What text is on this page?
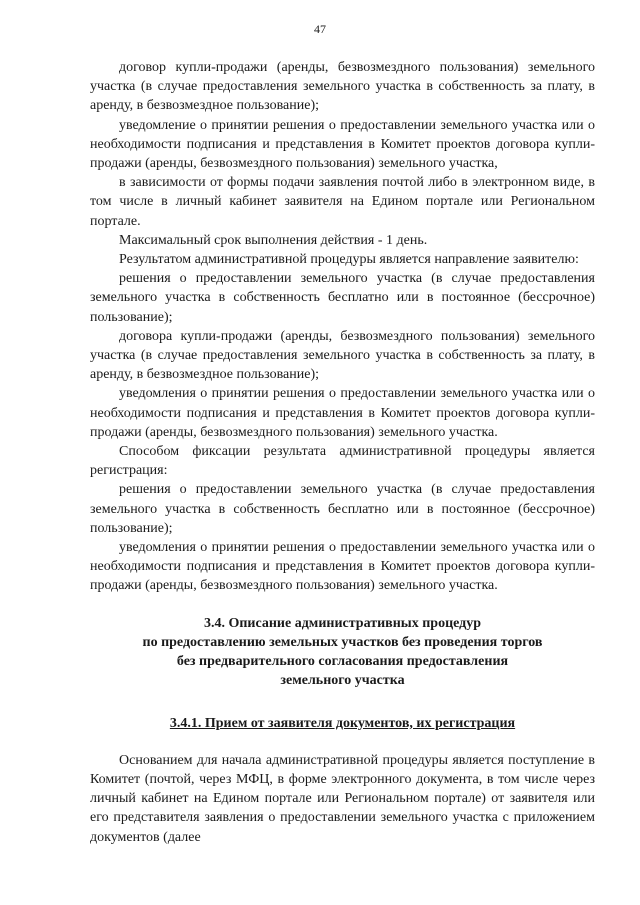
47

договор купли-продажи (аренды, безвозмездного пользования) земельного участка (в случае предоставления земельного участка в собственность за плату, в аренду, в безвозмездное пользование);

уведомление о принятии решения о предоставлении земельного участка или о необходимости подписания и представления в Комитет проектов договора купли-продажи (аренды, безвозмездного пользования) земельного участка,

в зависимости от формы подачи заявления почтой либо в электронном виде, в том числе в личный кабинет заявителя на Едином портале или Региональном портале.

Максимальный срок выполнения действия - 1 день.

Результатом административной процедуры является направление заявителю:

решения о предоставлении земельного участка (в случае предоставления земельного участка в собственность бесплатно или в постоянное (бессрочное) пользование);

договора купли-продажи (аренды, безвозмездного пользования) земельного участка (в случае предоставления земельного участка в собственность за плату, в аренду, в безвозмездное пользование);

уведомления о принятии решения о предоставлении земельного участка или о необходимости подписания и представления в Комитет проектов договора купли-продажи (аренды, безвозмездного пользования) земельного участка.

Способом фиксации результата административной процедуры является регистрация:

решения о предоставлении земельного участка (в случае предоставления земельного участка в собственность бесплатно или в постоянное (бессрочное) пользование);

уведомления о принятии решения о предоставлении земельного участка или о необходимости подписания и представления в Комитет проектов договора купли-продажи (аренды, безвозмездного пользования) земельного участка.

3.4. Описание административных процедур

по предоставлению земельных участков без проведения торгов

без предварительного согласования предоставления

земельного участка

3.4.1. Прием от заявителя документов, их регистрация

Основанием для начала административной процедуры является поступление в Комитет (почтой, через МФЦ, в форме электронного документа, в том числе через личный кабинет на Едином портале или Региональном портале) от заявителя или его представителя заявления о предоставлении земельного участка с приложением документов (далее
